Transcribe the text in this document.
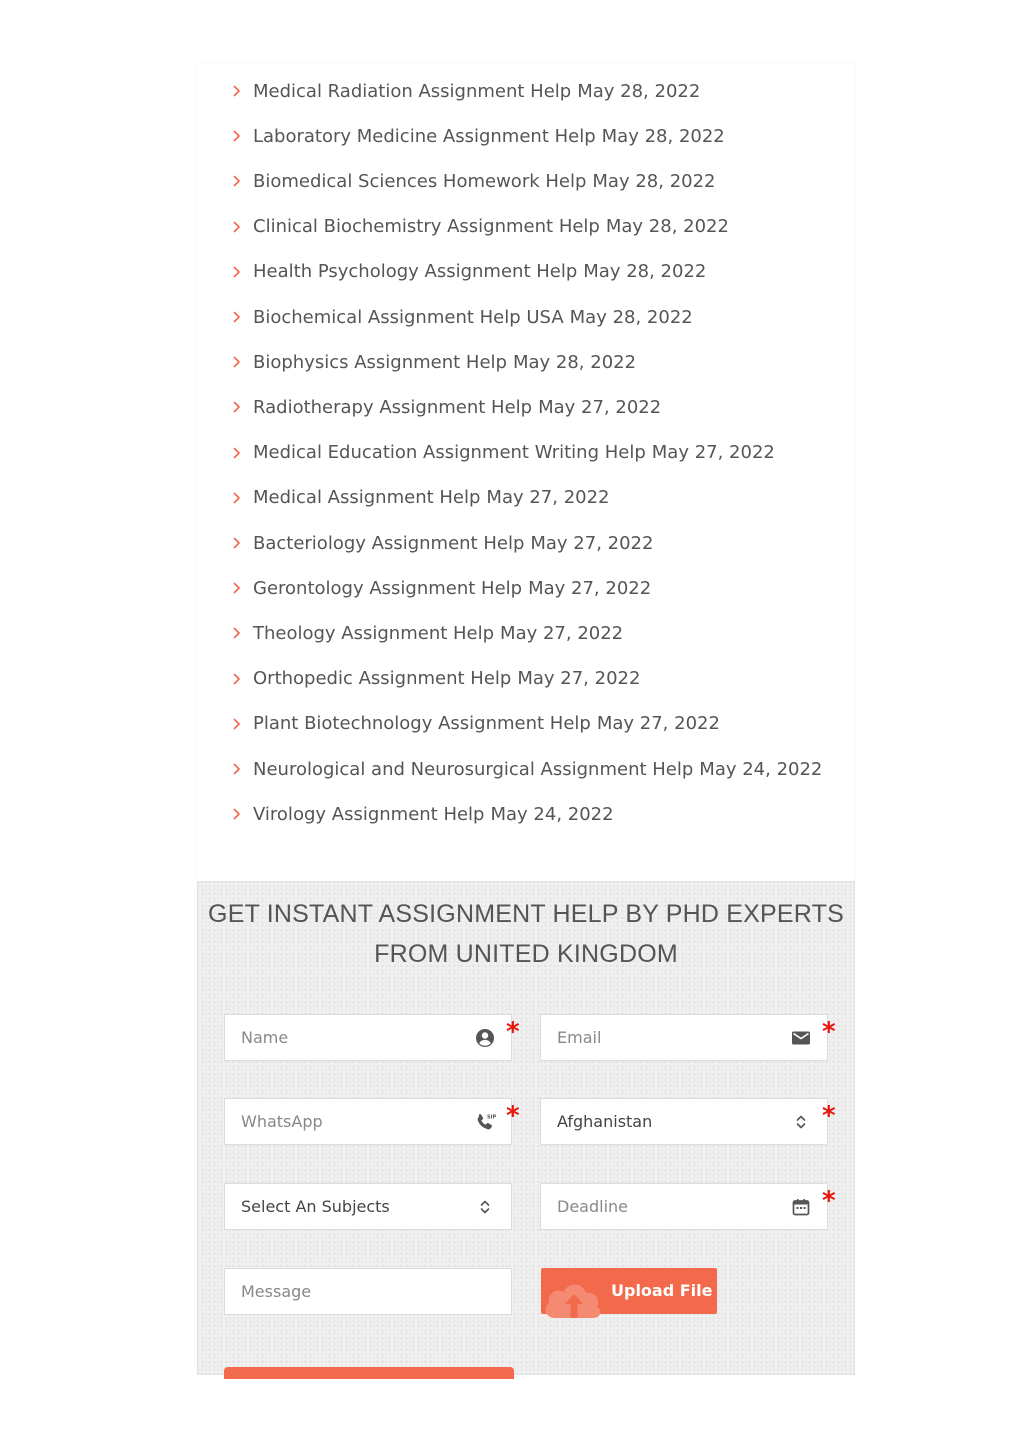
Medical Radiation Assignment Help May 28, 2022
Laboratory Medicine Assignment Help May 28, 2022
Biomedical Sciences Homework Help May 28, 2022
Clinical Biochemistry Assignment Help May 28, 2022
Health Psychology Assignment Help May 28, 2022
Biochemical Assignment Help USA May 28, 2022
Biophysics Assignment Help May 28, 2022
Radiotherapy Assignment Help May 27, 2022
Medical Education Assignment Writing Help May 27, 2022
Medical Assignment Help May 27, 2022
Bacteriology Assignment Help May 27, 2022
Gerontology Assignment Help May 27, 2022
Theology Assignment Help May 27, 2022
Orthopedic Assignment Help May 27, 2022
Plant Biotechnology Assignment Help May 27, 2022
Neurological and Neurosurgical Assignment Help May 24, 2022
Virology Assignment Help May 24, 2022
GET INSTANT ASSIGNMENT HELP BY PHD EXPERTS
FROM UNITED KINGDOM
Name
*
Email	*
WhatsApp
SIP *	Afghanistan	*
Select An Subjects
Deadline	*
Message
Upload File
